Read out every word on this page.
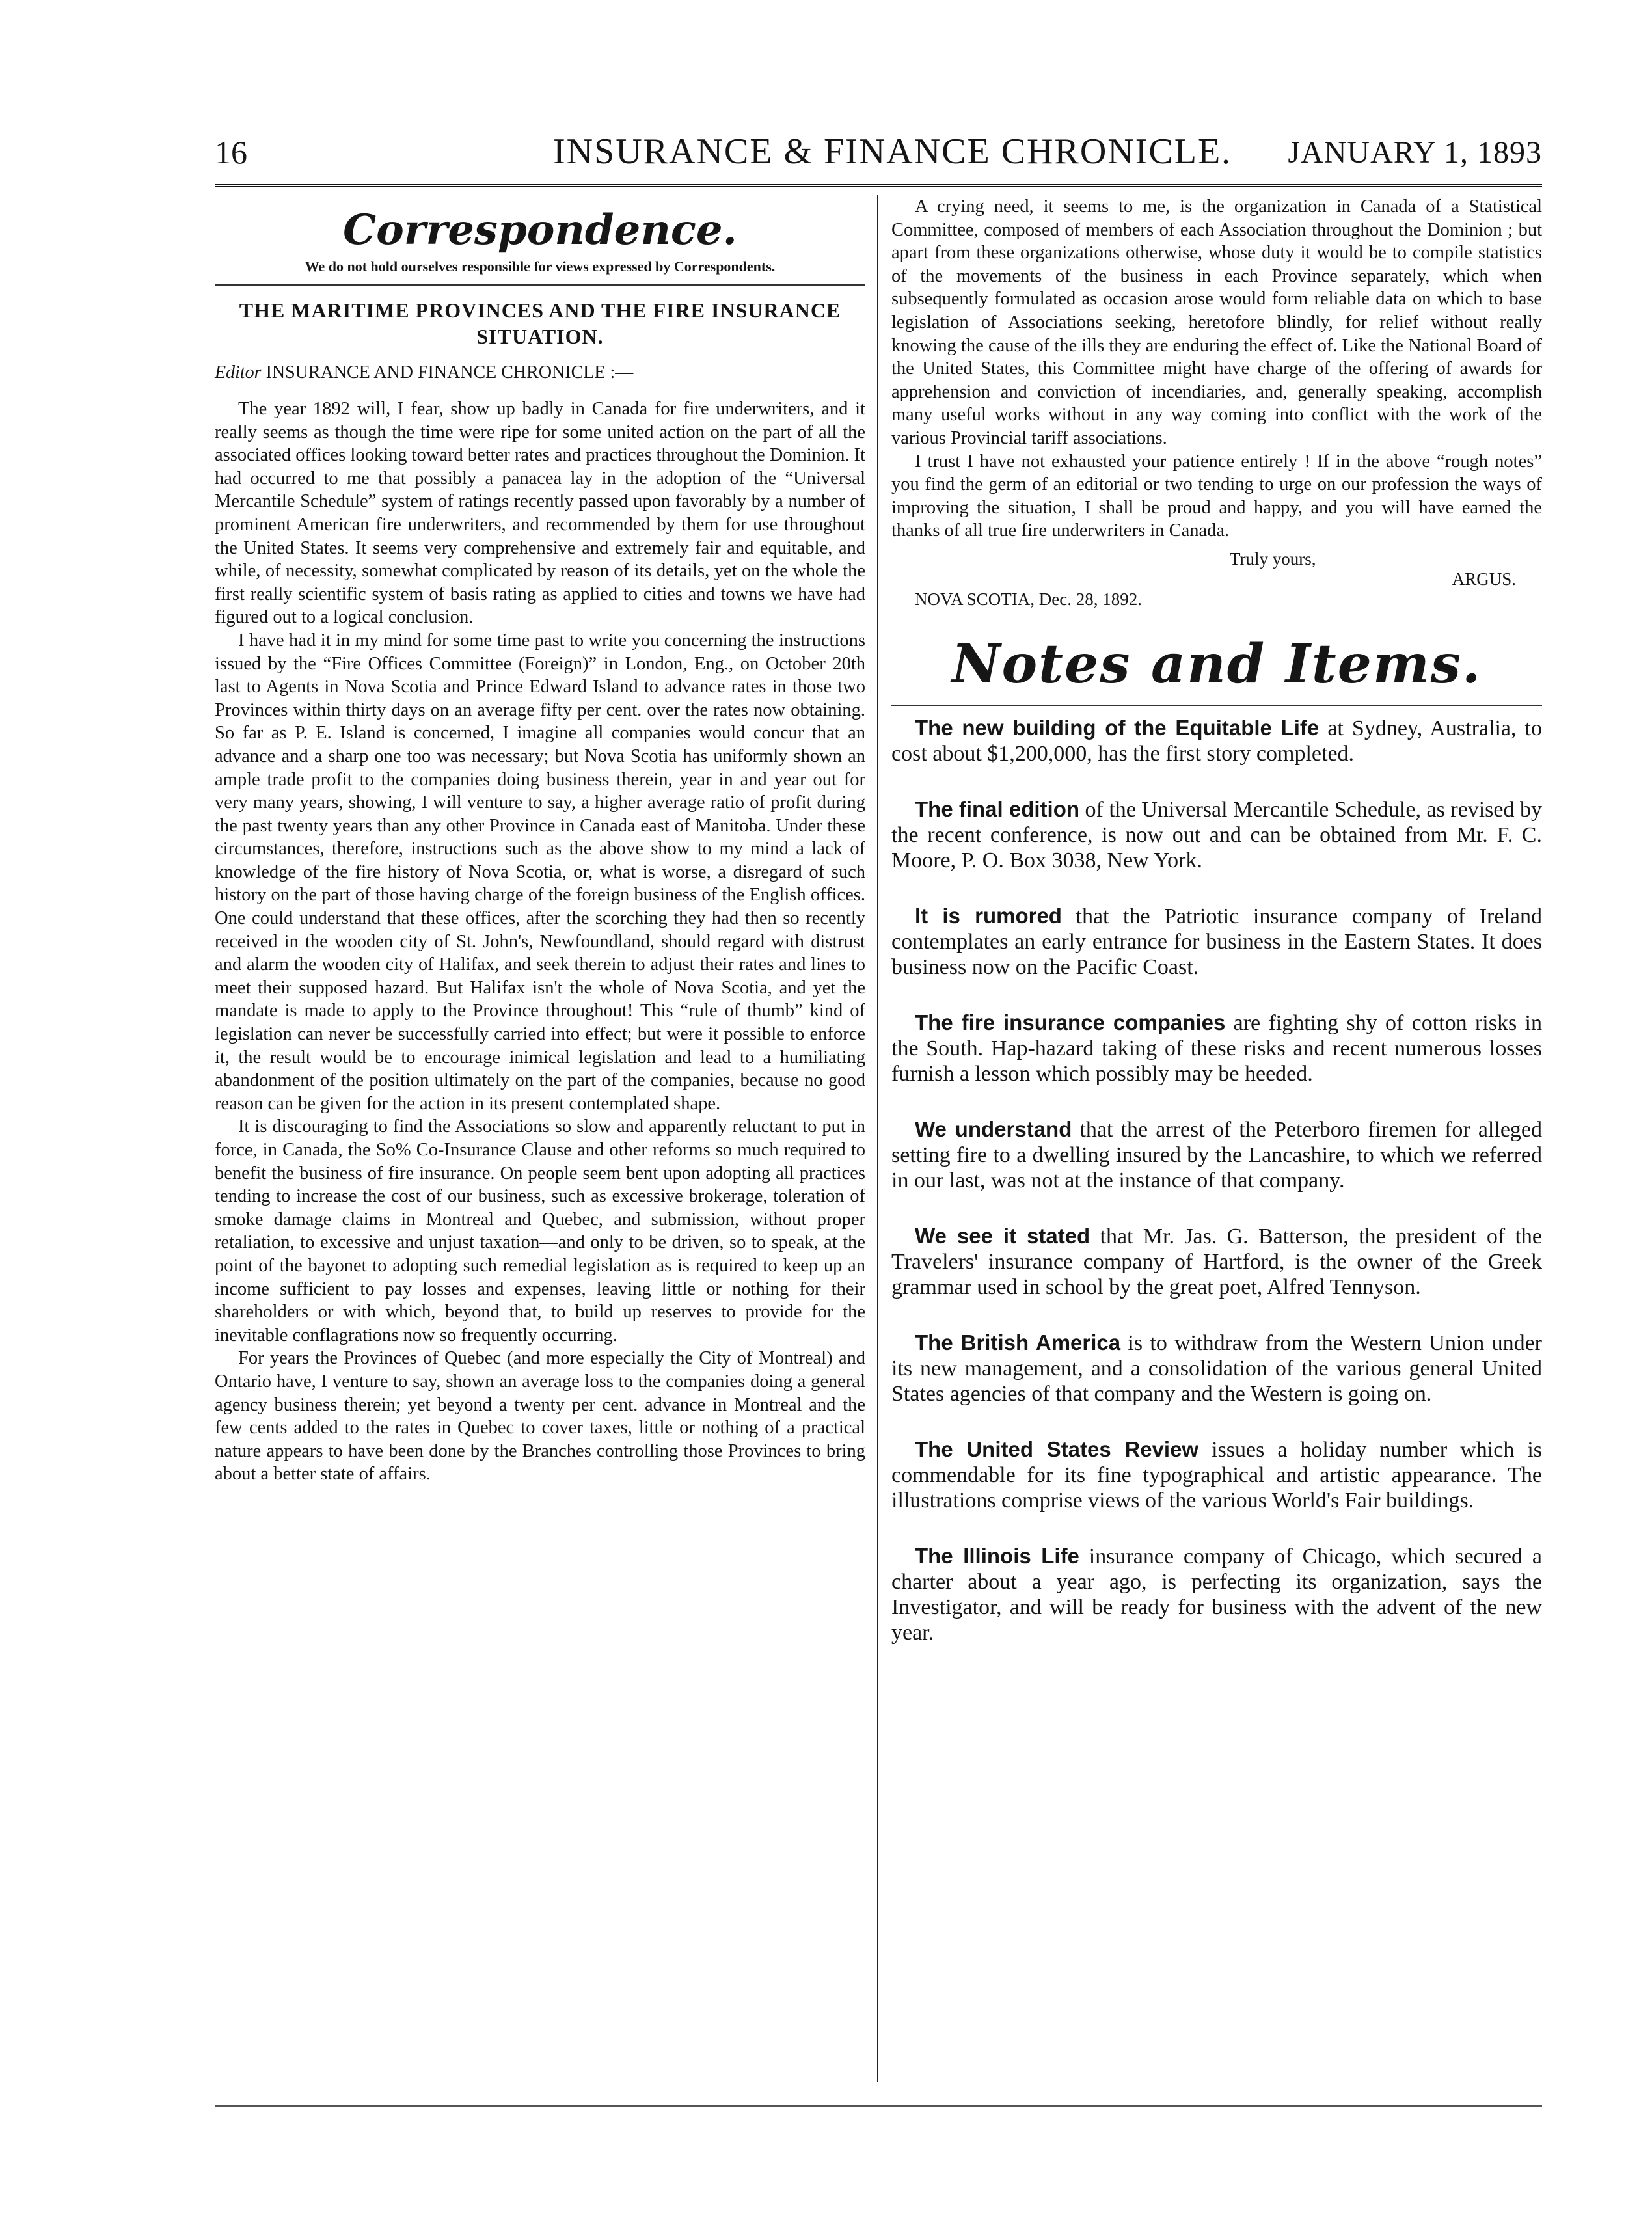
16	INSURANCE & FINANCE CHRONICLE. JANUARY 1, 1893
Correspondence.
We do not hold ourselves responsible for views expressed by Correspondents.
THE MARITIME PROVINCES AND THE FIRE INSURANCE SITUATION.
Editor INSURANCE AND FINANCE CHRONICLE :—

The year 1892 will, I fear, show up badly in Canada for fire underwriters, and it really seems as though the time were ripe for some united action on the part of all the associated offices looking toward better rates and practices throughout the Dominion. It had occurred to me that possibly a panacea lay in the adoption of the “Universal Mercantile Schedule” system of ratings recently passed upon favorably by a number of prominent American fire underwriters, and recommended by them for use throughout the United States. It seems very comprehensive and extremely fair and equitable, and while, of necessity, somewhat complicated by reason of its details, yet on the whole the first really scientific system of basis rating as applied to cities and towns we have had figured out to a logical conclusion.

I have had it in my mind for some time past to write you concerning the instructions issued by the “Fire Offices Committee (Foreign)” in London, Eng., on October 20th last to Agents in Nova Scotia and Prince Edward Island to advance rates in those two Provinces within thirty days on an average fifty per cent. over the rates now obtaining. So far as P. E. Island is concerned, I imagine all companies would concur that an advance and a sharp one too was necessary; but Nova Scotia has uniformly shown an ample trade profit to the companies doing business therein, year in and year out for very many years, showing, I will venture to say, a higher average ratio of profit during the past twenty years than any other Province in Canada east of Manitoba. Under these circumstances, therefore, instructions such as the above show to my mind a lack of knowledge of the fire history of Nova Scotia, or, what is worse, a disregard of such history on the part of those having charge of the foreign business of the English offices. One could understand that these offices, after the scorching they had then so recently received in the wooden city of St. John's, Newfoundland, should regard with distrust and alarm the wooden city of Halifax, and seek therein to adjust their rates and lines to meet their supposed hazard. But Halifax isn't the whole of Nova Scotia, and yet the mandate is made to apply to the Province throughout! This “rule of thumb” kind of legislation can never be successfully carried into effect; but were it possible to enforce it, the result would be to encourage inimical legislation and lead to a humiliating abandonment of the position ultimately on the part of the companies, because no good reason can be given for the action in its present contemplated shape.

It is discouraging to find the Associations so slow and apparently reluctant to put in force, in Canada, the So% Co-Insurance Clause and other reforms so much required to benefit the business of fire insurance. On people seem bent upon adopting all practices tending to increase the cost of our business, such as excessive brokerage, toleration of smoke damage claims in Montreal and Quebec, and submission, without proper retaliation, to excessive and unjust taxation—and only to be driven, so to speak, at the point of the bayonet to adopting such remedial legislation as is required to keep up an income sufficient to pay losses and expenses, leaving little or nothing for their shareholders or with which, beyond that, to build up reserves to provide for the inevitable conflagrations now so frequently occurring.

For years the Provinces of Quebec (and more especially the City of Montreal) and Ontario have, I venture to say, shown an average loss to the companies doing a general agency business therein; yet beyond a twenty per cent. advance in Montreal and the few cents added to the rates in Quebec to cover taxes, little or nothing of a practical nature appears to have been done by the Branches controlling those Provinces to bring about a better state of affairs.

A crying need, it seems to me, is the organization in Canada of a Statistical Committee, composed of members of each Association throughout the Dominion ; but apart from these organizations otherwise, whose duty it would be to compile statistics of the movements of the business in each Province separately, which when subsequently formulated as occasion arose would form reliable data on which to base legislation of Associations seeking, heretofore blindly, for relief without really knowing the cause of the ills they are enduring the effect of. Like the National Board of the United States, this Committee might have charge of the offering of awards for apprehension and conviction of incendiaries, and, generally speaking, accomplish many useful works without in any way coming into conflict with the work of the various Provincial tariff associations.

I trust I have not exhausted your patience entirely ! If in the above “rough notes” you find the germ of an editorial or two tending to urge on our profession the ways of improving the situation, I shall be proud and happy, and you will have earned the thanks of all true fire underwriters in Canada.

Truly yours,
ARGUS.
NOVA SCOTIA, Dec. 28, 1892.
Notes and Items.

The new building of the Equitable Life at Sydney, Australia, to cost about $1,200,000, has the first story completed.

The final edition of the Universal Mercantile Schedule, as revised by the recent conference, is now out and can be obtained from Mr. F. C. Moore, P. O. Box 3038, New York.

It is rumored that the Patriotic insurance company of Ireland contemplates an early entrance for business in the Eastern States. It does business now on the Pacific Coast.

The fire insurance companies are fighting shy of cotton risks in the South. Hap-hazard taking of these risks and recent numerous losses furnish a lesson which possibly may be heeded.

We understand that the arrest of the Peterboro firemen for alleged setting fire to a dwelling insured by the Lancashire, to which we referred in our last, was not at the instance of that company.

We see it stated that Mr. Jas. G. Batterson, the president of the Travelers' insurance company of Hartford, is the owner of the Greek grammar used in school by the great poet, Alfred Tennyson.

The British America is to withdraw from the Western Union under its new management, and a consolidation of the various general United States agencies of that company and the Western is going on.

The United States Review issues a holiday number which is commendable for its fine typographical and artistic appearance. The illustrations comprise views of the various World's Fair buildings.

The Illinois Life insurance company of Chicago, which secured a charter about a year ago, is perfecting its organization, says the Investigator, and will be ready for business with the advent of the new year.
